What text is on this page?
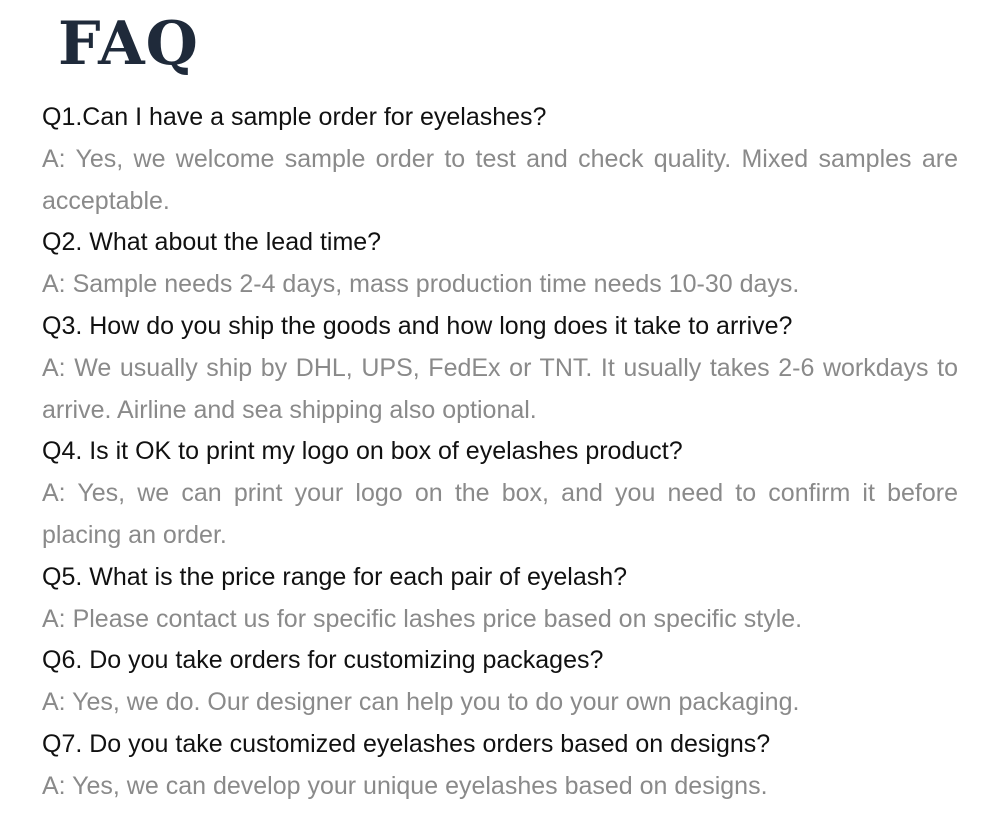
FAQ

Q1.Can I have a sample order for eyelashes?

A: Yes, we welcome sample order to test and check quality. Mixed samples are acceptable.

Q2. What about the lead time?

A: Sample needs 2-4 days, mass production time needs 10-30 days.

Q3. How do you ship the goods and how long does it take to arrive?

A: We usually ship by DHL, UPS, FedEx or TNT. It usually takes 2-6 workdays to arrive. Airline and sea shipping also optional.

Q4. Is it OK to print my logo on box of eyelashes product?

A: Yes, we can print your logo on the box, and you need to confirm it before placing an order.

Q5. What is the price range for each pair of eyelash?

A: Please contact us for specific lashes price based on specific style.

Q6. Do you take orders for customizing packages?

A: Yes, we do. Our designer can help you to do your own packaging.

Q7. Do you take customized eyelashes orders based on designs?

A: Yes, we can develop your unique eyelashes based on designs.
